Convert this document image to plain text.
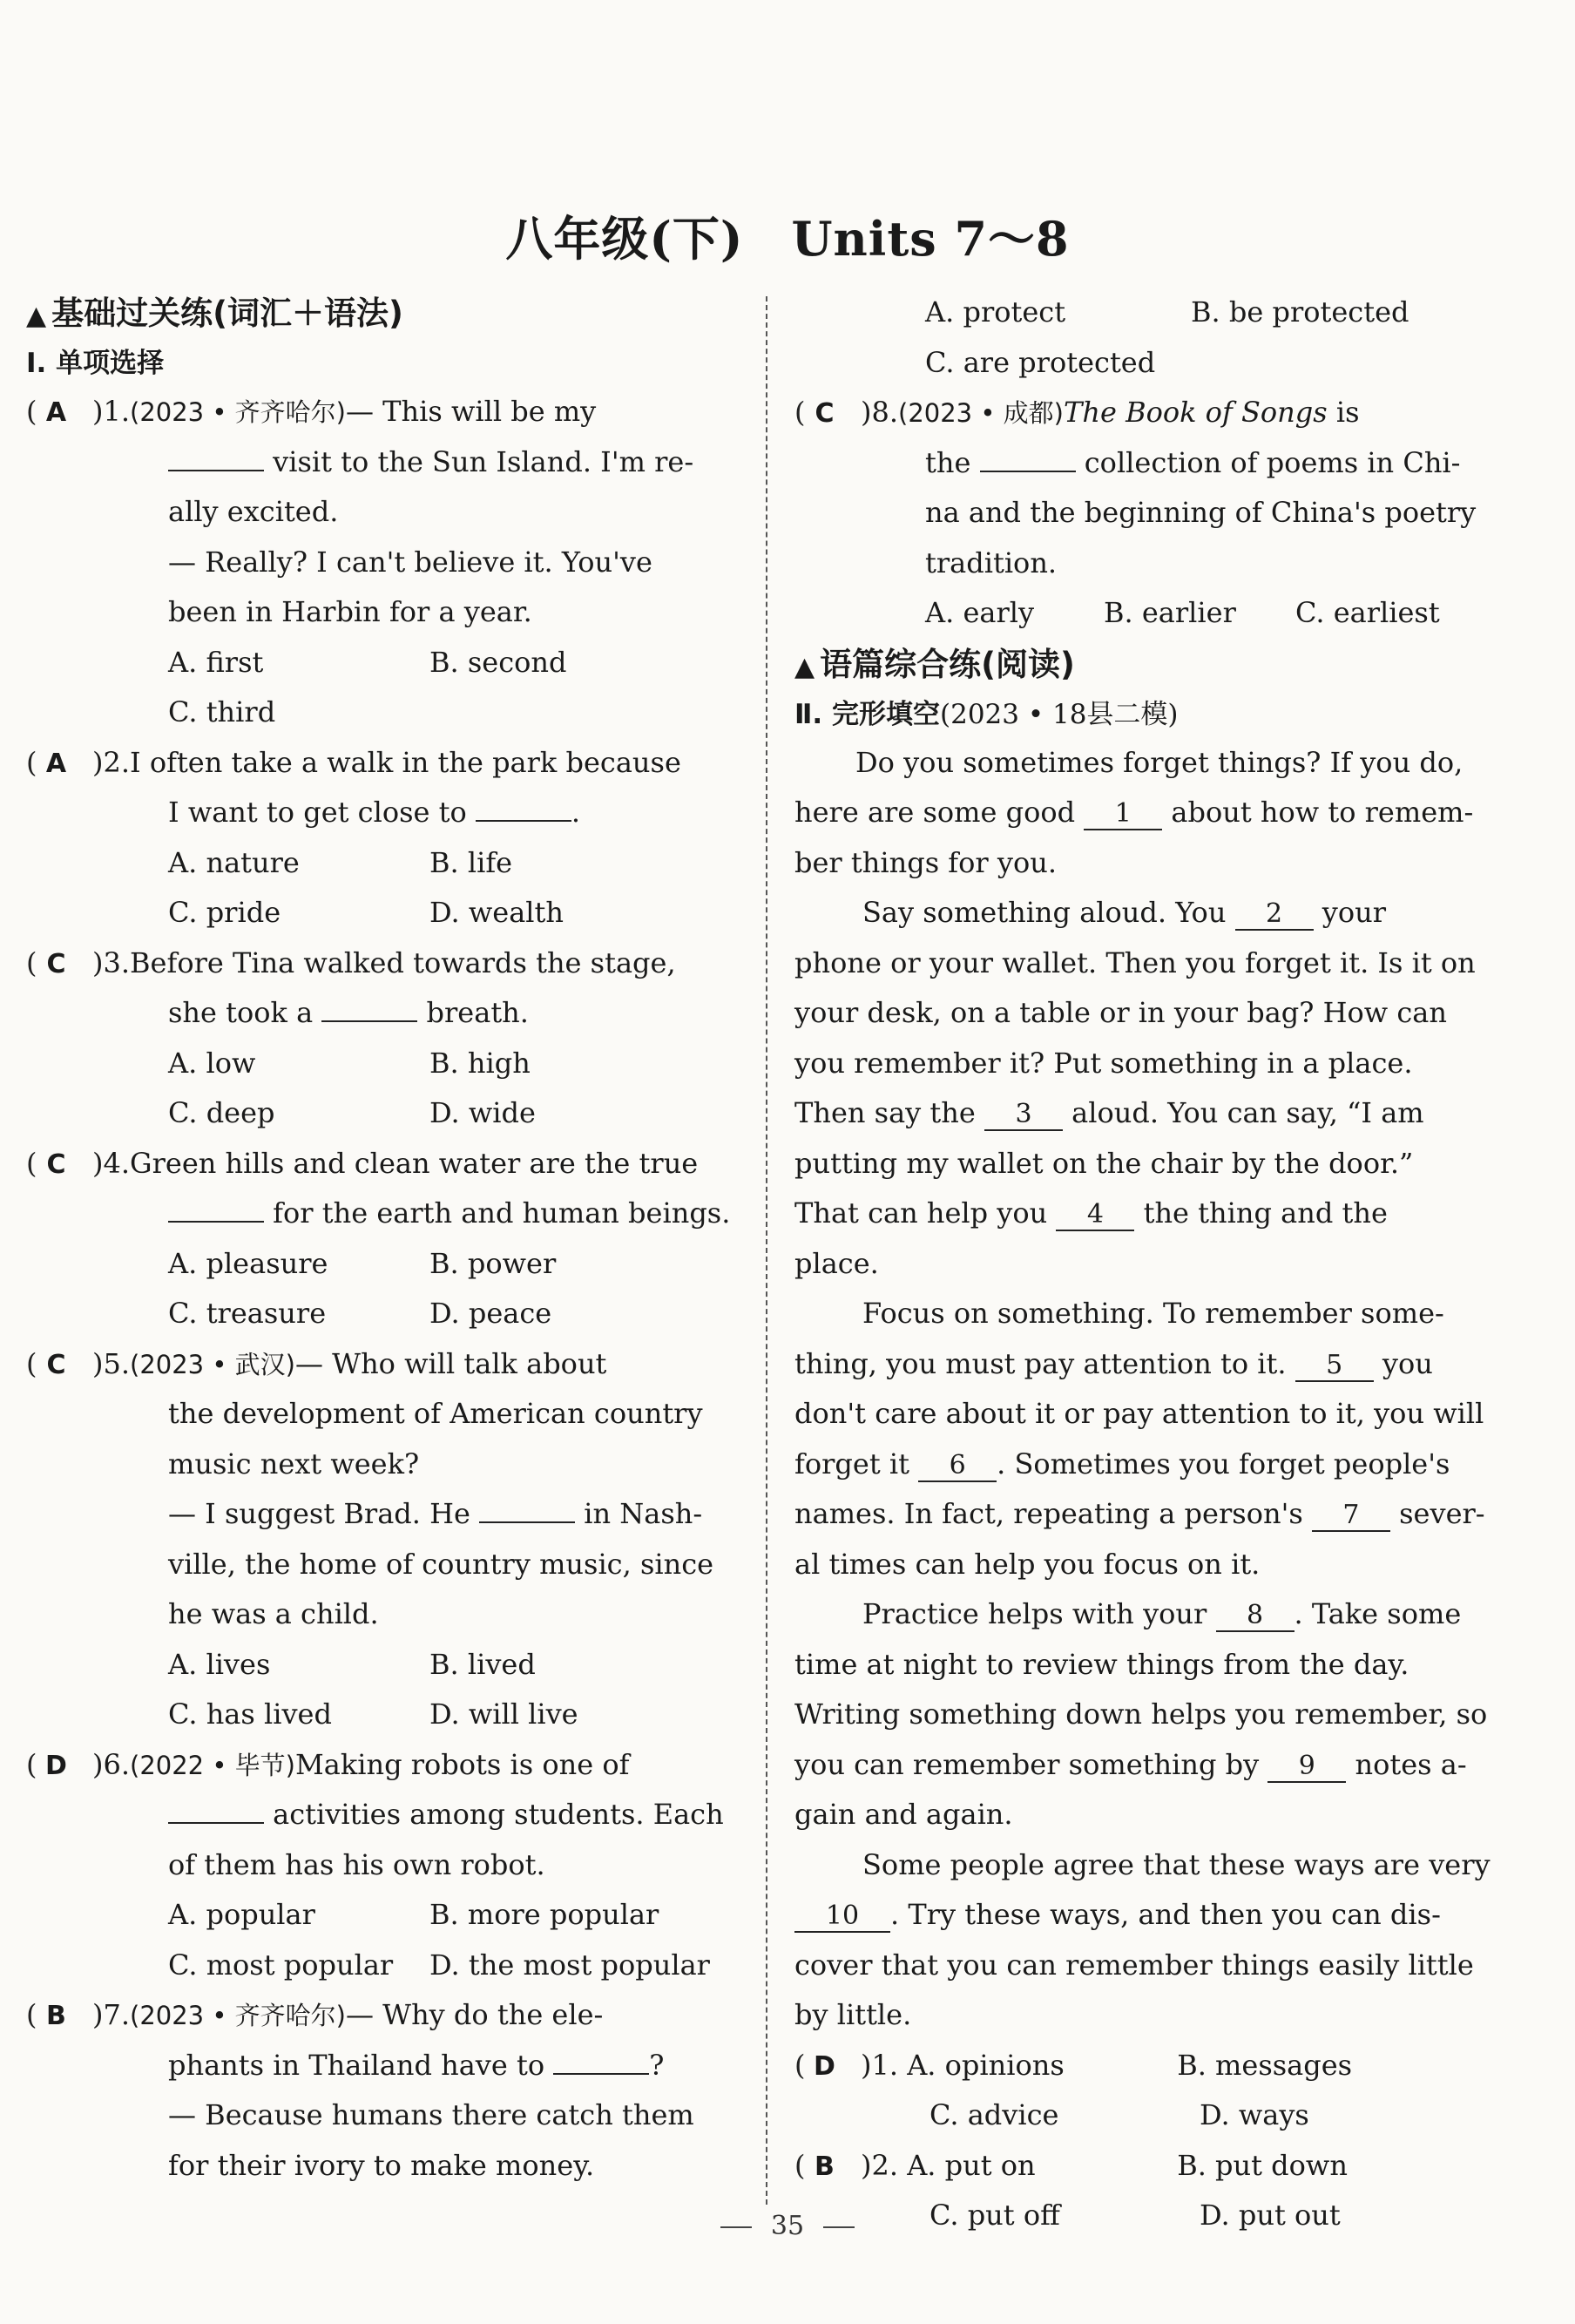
八年级(下)　Units 7～8
▲ 基础过关练(词汇＋语法)
Ⅰ. 单项选择
( A )1.(2023 • 齐齐哈尔)— This will be my
visit to the Sun Island. I'm re-
ally excited.
— Really? I can't believe it. You've
been in Harbin for a year.
A. first	B. second
C. third
( A )2.I often take a walk in the park because
I want to get close to	.
A. nature	B. life
C. pride	D. wealth
( C )3.Before Tina walked towards the stage,
she took a	breath.
A. low	B. high
C. deep	D. wide
( C )4.Green hills and clean water are the true
for the earth and human beings.
A. pleasure	B. power
C. treasure	D. peace
( C )5.(2023 • 武汉)— Who will talk about
the development of American country
music next week?
— I suggest Brad. He	in Nash-
ville, the home of country music, since
he was a child.
A. lives	B. lived
C. has lived	D. will live
( D )6.(2022 • 毕节)Making robots is one of
activities among students. Each
of them has his own robot.
A. popular	B. more popular
C. most popular D. the most popular
( B )7.(2023 • 齐齐哈尔)— Why do the ele-
phants in Thailand have to	?
— Because humans there catch them
for their ivory to make money.
A. protect	B. be protected
C. are protected
( C )8.(2023 • 成都)The Book of Songs is
the	collection of poems in Chi-
na and the beginning of China's poetry
tradition.
A. early B. earlier C. earliest
▲ 语篇综合练(阅读)
Ⅱ. 完形填空(2023 • 18县二模)
Do you sometimes forget things? If you do,
here are some good 1 about how to remem-
ber things for you.
Say something aloud. You 2 your
phone or your wallet. Then you forget it. Is it on
your desk, on a table or in your bag? How can
you remember it? Put something in a place.
Then say the 3 aloud. You can say, “I am
putting my wallet on the chair by the door.”
That can help you 4 the thing and the
place.
Focus on something. To remember some-
thing, you must pay attention to it. 5 you
don't care about it or pay attention to it, you will
forget it 6 . Sometimes you forget people's
names. In fact, repeating a person's 7 sever-
al times can help you focus on it.
Practice helps with your 8 . Take some
time at night to review things from the day.
Writing something down helps you remember, so
you can remember something by 9 notes a-
gain and again.
Some people agree that these ways are very
10 . Try these ways, and then you can dis-
cover that you can remember things easily little
by little.
( D )1. A. opinions	B. messages
C. advice	D. ways
( B )2. A. put on	B. put down
C. put off	D. put out
35
